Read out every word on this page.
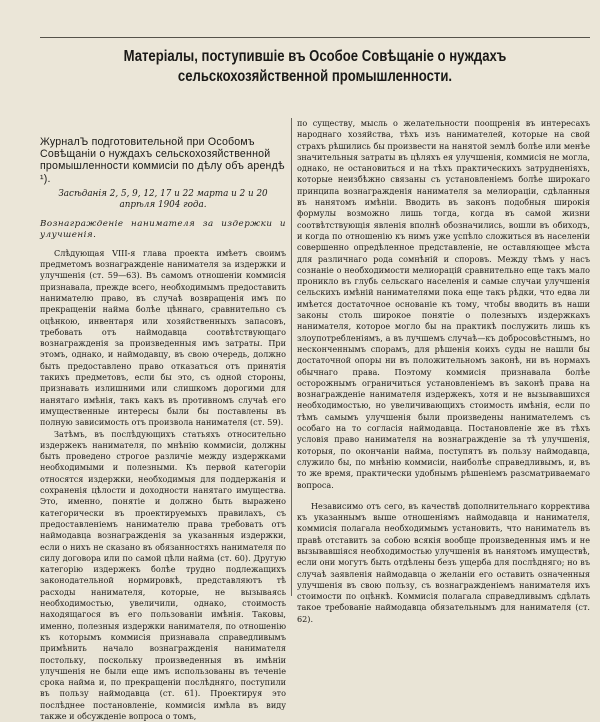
Матеріалы, поступившіе въ Особое Совѣщаніе о нуждахъ
сельскохозяйственной промышленности.
ЖурналЪ подготовительной при Особомъ Совѣщаніи о нуждахъ сельскохозяйственной промышленности коммисіи по дѣлу объ арендѣ ¹).
Засѣданія 2, 5, 9, 12, 17 и 22 марта и 2 и 20 апрѣля 1904 года.
Вознагражденіе нанимателя за издержки и улучшенія.

Слѣдующая VIII-я глава проекта имѣетъ своимъ предметомъ вознагражденіе нанимателя за издержки и улучшенія (ст. 59—63). Въ самомъ отношеніи коммисія признавала, прежде всего, необходимымъ предоставить нанимателю право, въ случаѣ возвращенія имъ по прекращеніи найма болѣе цѣннаго, сравнительно съ оцѣнкою, инвентаря или хозяйственныхъ запасовъ, требовать отъ наймодавца соотвѣтствующаго вознагражденія за произведенныя имъ затраты. При этомъ, однако, и наймодавцу, въ свою очередь, должно быть предоставлено право отказаться отъ принятія такихъ предметовъ, если бы это, съ одной стороны, признавать излишними или слишкомъ дорогими для нанятаго имѣнія, такъ какъ въ противномъ случаѣ его имущественные интересы были бы поставлены въ полную зависимость отъ произвола нанимателя (ст. 59).

Затѣмъ, въ послѣдующихъ статьяхъ относительно издержекъ нанимателя, по мнѣнію коммисіи, должны быть проведено строгое различіе между издержками необходимыми и полезными. Къ первой категоріи относятся издержки, необходимыя для поддержанія и сохраненія цѣлости и доходности нанятаго имущества. Это, именно, понятіе и должно быть выражено категорически въ проектируемыхъ правилахъ, съ предоставленіемъ нанимателю права требовать отъ наймодавца вознагражденія за указанныя издержки, если о нихъ не сказано въ обязанностяхъ нанимателя по силу договора или по самой цѣли найма (ст. 60). Другую категорію издержекъ болѣе трудно подлежащихъ законодательной нормировкѣ, представляютъ тѣ расходы нанимателя, которые, не вызываясь необходимостью, увеличили, однако, стоимость находящагося въ его пользованіи имѣнія. Таковы, именно, полезныя издержки нанимателя, по отношенію къ которымъ коммисія признавала справедливымъ примѣнить начало вознагражденія нанимателя постольку, поскольку произведенныя въ имѣніи улучшенія не были еще имъ использованы въ теченіе срока найма и, по прекращеніи послѣдняго, поступили въ пользу наймодавца (ст. 61). Проектируя это послѣднее постановленіе, коммисія имѣла въ виду также и обсужденіе вопроса о томъ,

по существу, мысль о желательности поощренія въ интересахъ народнаго хозяйства, тѣхъ изъ нанимателей, которые на свой страхъ рѣшились бы произвести на нанятой землѣ болѣе или менѣе значительныя затраты въ цѣляхъ ея улучшенія, коммисія не могла, однако, не остановиться и на тѣхъ практическихъ затрудненіяхъ, которые неизбѣжно связаны съ установленіемъ болѣе широкаго принципа вознагражденія нанимателя за мелиораціи, сдѣланныя въ нанятомъ имѣніи. Вводить въ законъ подобныя широкія формулы возможно лишь тогда, когда въ самой жизни соотвѣтствующія явленія вполнѣ обозначились, вошли въ обиходъ, и когда по отношенію къ нимъ уже успѣло сложиться въ населеніи совершенно опредѣленное представленіе, не оставляющее мѣста для различнаго рода сомнѣній и споровъ. Между тѣмъ у насъ сознаніе о необходимости мелиорацій сравнительно еще такъ мало проникло въ глубь сельскаго населенія и самые случаи улучшенія сельскихъ имѣній нанимателями пока еще такъ рѣдки, что едва ли имѣется достаточное основаніе къ тому, чтобы вводить въ наши законы столь широкое понятіе о полезныхъ издержкахъ нанимателя, которое могло бы на практикѣ послужить лишь къ злоупотребленіямъ, а въ лучшемъ случаѣ—къ добросовѣстнымъ, но несконченнымъ спорамъ, для рѣшенія коихъ суды не нашли бы достаточной опоры ни въ положительномъ законѣ, ни въ нормахъ обычнаго права. Поэтому коммисія признавала болѣе осторожнымъ ограничиться установленіемъ въ законѣ права на вознагражденіе нанимателя издержекъ, хотя и не вызывавшихся необходимостью, но увеличивающихъ стоимость имѣнія, если по тѣмъ самымъ улучшенія были произведены нанимателемъ съ особаго на то согласія наймодавца. Постановленіе же въ тѣхъ условія право нанимателя на вознагражденіе за тѣ улучшенія, которыя, по окончаніи найма, поступятъ въ пользу наймодавца, служило бы, по мнѣнію коммисіи, наиболѣе справедливымъ, и, въ то же время, практически удобнымъ рѣшеніемъ разсматриваемаго вопроса.

Независимо отъ сего, въ качествѣ дополнительнаго корректива къ указаннымъ выше отношеніямъ наймодавца и нанимателя, коммисія полагала необходимымъ установить, что наниматель въ правѣ отставить за собою всякія вообще произведенныя имъ и не вызывавшіяся необходимостью улучшенія въ нанятомъ имуществѣ, если они могутъ быть отдѣлены безъ ущерба для послѣдняго; но въ случаѣ заявленія наймодавца о желаніи его оставить означенныя улучшенія въ свою пользу, съ вознагражденіемъ нанимателя ихъ стоимости по оцѣнкѣ. Коммисія полагала справедливымъ сдѣлать такое требованіе наймодавца обязательнымъ для нанимателя (ст. 62).
